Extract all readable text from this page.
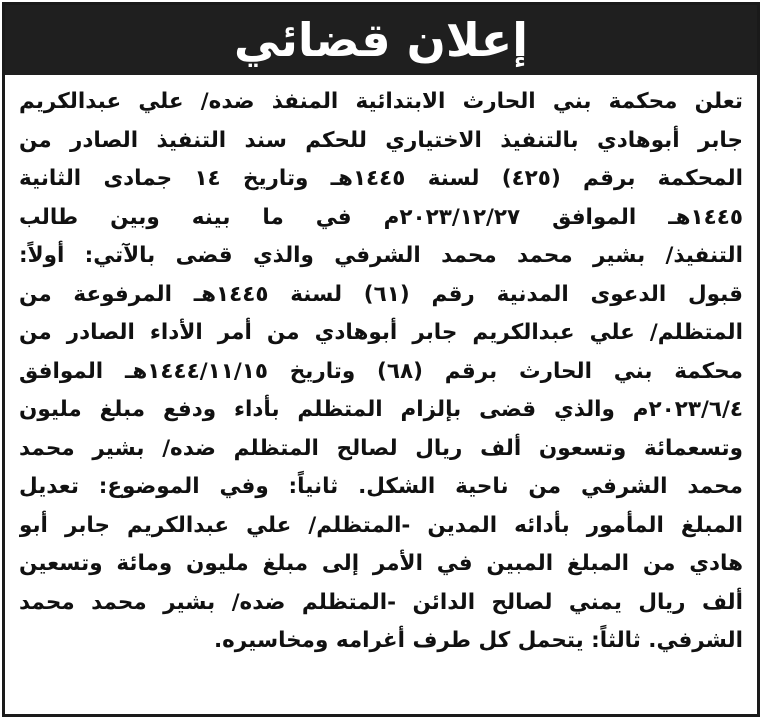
إعلان قضائي
تعلن محكمة بني الحارث الابتدائية المنفذ ضده/ علي عبدالكريم
جابر أبوهادي بالتنفيذ الاختياري للحكم سند التنفيذ الصادر من
المحكمة برقم (٤٢٥) لسنة ١٤٤٥هـ وتاريخ ١٤ جمادى الثانية
١٤٤٥هـ الموافق ٢٠٢٣/١٢/٢٧م في ما بينه وبين طالب
التنفيذ/ بشير محمد محمد الشرفي والذي قضى بالآتي: أولاً:
قبول الدعوى المدنية رقم (٦١) لسنة ١٤٤٥هـ المرفوعة من
المتظلم/ علي عبدالكريم جابر أبوهادي من أمر الأداء الصادر من
محكمة بني الحارث برقم (٦٨) وتاريخ ١٤٤٤/١١/١٥هـ الموافق
٢٠٢٣/٦/٤م والذي قضى بإلزام المتظلم بأداء ودفع مبلغ مليون
وتسعمائة وتسعون ألف ريال لصالح المتظلم ضده/ بشير محمد
محمد الشرفي من ناحية الشكل. ثانياً: وفي الموضوع: تعديل
المبلغ المأمور بأدائه المدين -المتظلم/ علي عبدالكريم جابر أبو
هادي من المبلغ المبين في الأمر إلى مبلغ مليون ومائة وتسعين
ألف ريال يمني لصالح الدائن -المتظلم ضده/ بشير محمد محمد
الشرفي. ثالثاً: يتحمل كل طرف أغرامه ومخاسيره.
